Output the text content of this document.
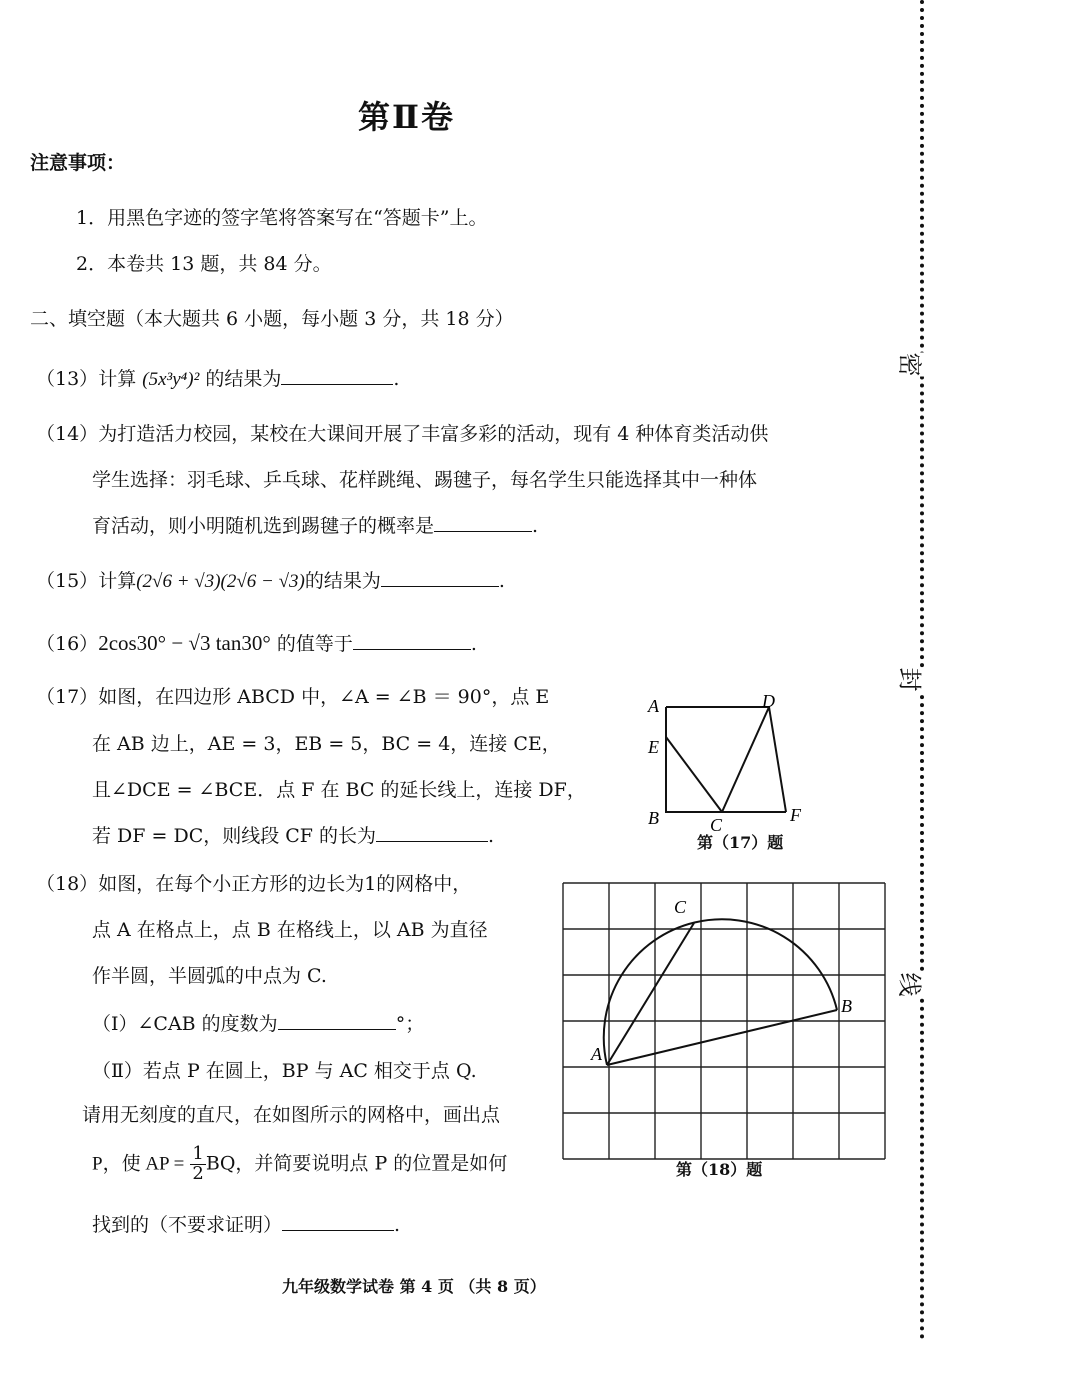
第Ⅱ卷
注意事项：
1．用黑色字迹的签字笔将答案写在“答题卡”上。
2．本卷共 13 题，共 84 分。
二、填空题（本大题共 6 小题，每小题 3 分，共 18 分）
（13）计算 (5x³y⁴)² 的结果为	.
（14）为打造活力校园，某校在大课间开展了丰富多彩的活动，现有 4 种体育类活动供
学生选择：羽毛球、乒乓球、花样跳绳、踢毽子，每名学生只能选择其中一种体
育活动，则小明随机选到踢毽子的概率是	.
（15）计算(2√6 + √3)(2√6 − √3)的结果为	.
（16）2cos30° − √3 tan30° 的值等于	.
（17）如图，在四边形 ABCD 中，∠A = ∠B ＝ 90°，点 E
在 AB 边上，AE = 3，EB = 5，BC = 4，连接 CE，
且∠DCE = ∠BCE．点 F 在 BC 的延长线上，连接 DF，
若 DF = DC，则线段 CF 的长为	.
A
B	C
D
E
F
第（17）题
（18）如图，在每个小正方形的边长为1的网格中，
点 A 在格点上，点 B 在格线上，以 AB 为直径
作半圆，半圆弧的中点为 C.
（Ⅰ）∠CAB 的度数为	°；
（Ⅱ）若点 P 在圆上，BP 与 AC 相交于点 Q.
请用无刻度的直尺，在如图所示的网格中，画出点
P，使 AP = $\frac{1}{2}$ BQ，并简要说明点 P 的位置是如何
找到的（不要求证明）	.
A
B
C
第（18）题
密
封
线
九年级数学试卷 第 4 页 （共 8 页）
